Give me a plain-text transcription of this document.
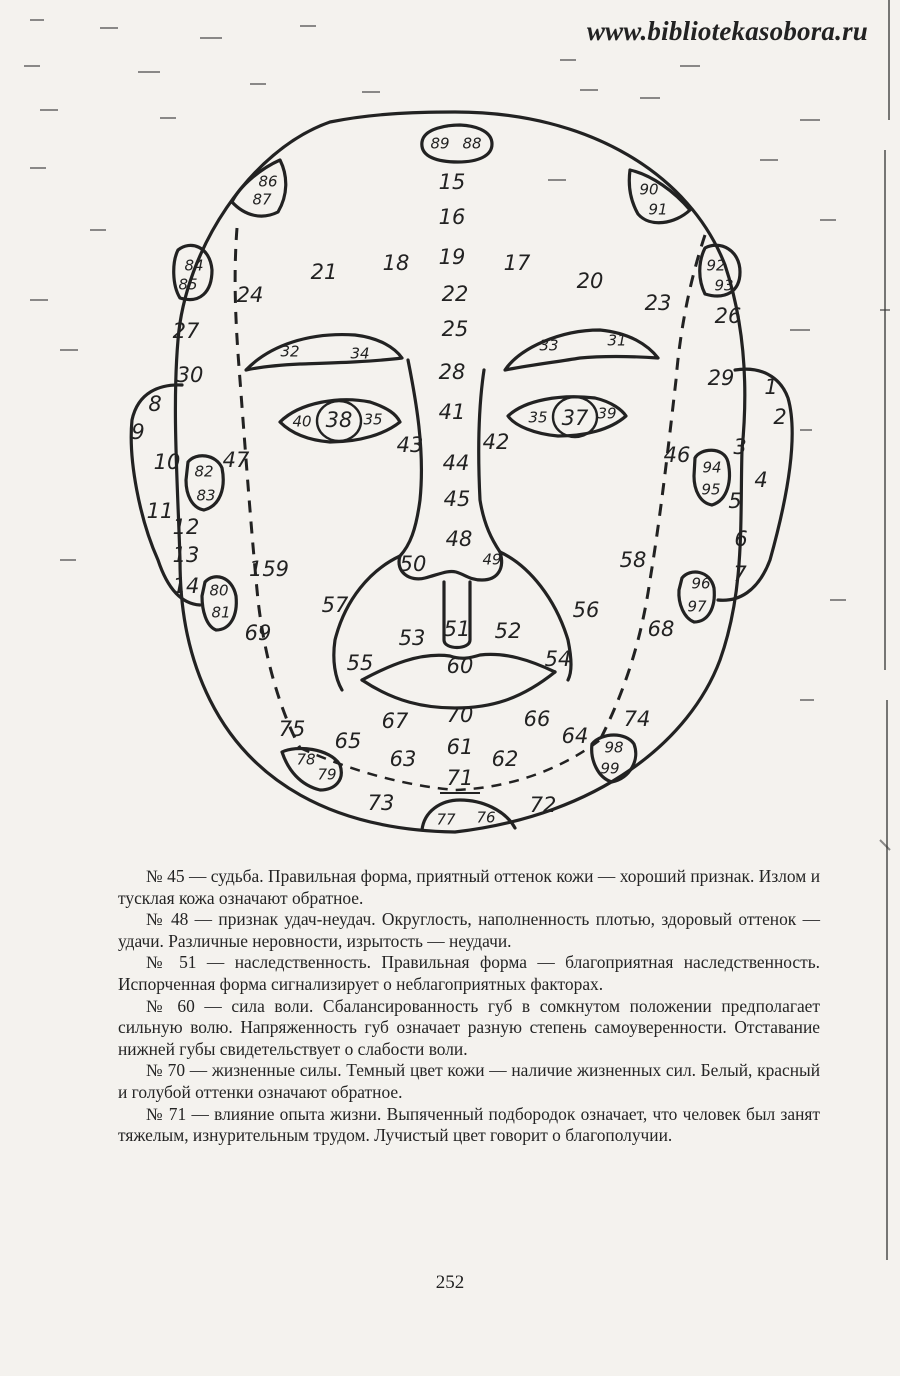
www.bibliotekasobora.ru
89 88
15
16
19 17
18
21	20
22
24	23
25
27
26
30	29
28
32	34	33	31
40 38 35	35 37 39
41
43	42
44
45
48
47	46
1
2
3
4
5
6
7
8
9
10
11
12
13
14
82
83
94
95
86
87
90
91
84
85
92
93
50	49
51
159	58
57	56
80
81
96
97
69	68
53	52
55	54
60
67 70 66
75	74
65	64
61
63	62
78
79
98
99
71
73	72
77 76

№ 45 — судьба. Правильная форма, приятный оттенок кожи — хороший признак. Излом и тусклая кожа означают обратное.

№ 48 — признак удач-неудач. Округлость, наполненность плотью, здоровый оттенок — удачи. Различные неровности, изрытость — неудачи.

№ 51 — наследственность. Правильная форма — благоприятная наследственность. Испорченная форма сигнализирует о неблагоприятных факторах.

№ 60 — сила воли. Сбалансированность губ в сомкнутом положении предполагает сильную волю. Напряженность губ означает разную степень самоуверенности. Отставание нижней губы свидетельствует о слабости воли.

№ 70 — жизненные силы. Темный цвет кожи — наличие жизненных сил. Белый, красный и голубой оттенки означают обратное.

№ 71 — влияние опыта жизни. Выпяченный подбородок означает, что человек был занят тяжелым, изнурительным трудом. Лучистый цвет говорит о благополучии.

252
